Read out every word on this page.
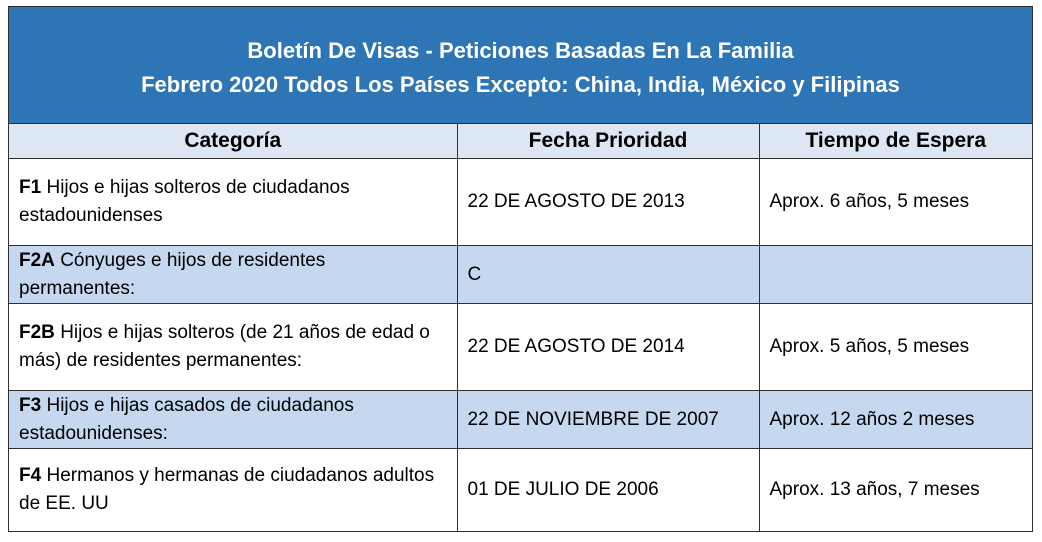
Boletín De Visas - Peticiones Basadas En La Familia
Febrero 2020 Todos Los Países Excepto: China, India, México y Filipinas
Categoría	Fecha Prioridad	Tiempo de Espera
F1 Hijos e hijas solteros de ciudadanos estadounidenses	22 DE AGOSTO DE 2013	Aprox. 6 años, 5 meses
F2A Cónyuges e hijos de residentes permanentes:	C	
F2B Hijos e hijas solteros (de 21 años de edad o más) de residentes permanentes:	22 DE AGOSTO DE 2014	Aprox. 5 años, 5 meses
F3 Hijos e hijas casados de ciudadanos estadounidenses:	22 DE NOVIEMBRE DE 2007	Aprox. 12 años 2 meses
F4 Hermanos y hermanas de ciudadanos adultos de EE. UU	01 DE JULIO DE 2006	Aprox. 13 años, 7 meses
